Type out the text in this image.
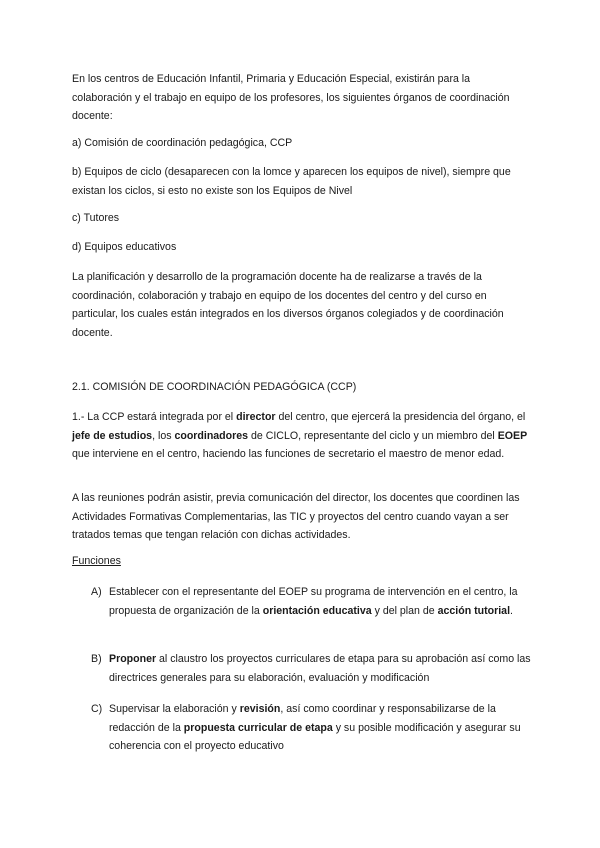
En los centros de Educación Infantil, Primaria y Educación Especial, existirán para la colaboración y el trabajo en equipo de los profesores, los siguientes órganos de coordinación docente:

a) Comisión de coordinación pedagógica, CCP

b) Equipos de ciclo (desaparecen con la lomce y aparecen los equipos de nivel), siempre que existan los ciclos, si esto no existe son los Equipos de Nivel

c) Tutores

d) Equipos educativos

La planificación y desarrollo de la programación docente ha de realizarse a través de la coordinación, colaboración y trabajo en equipo de los docentes del centro y del curso en particular, los cuales están integrados en los diversos órganos colegiados y de coordinación docente.

2.1. COMISIÓN DE COORDINACIÓN PEDAGÓGICA (CCP)

1.- La CCP estará integrada por el director del centro, que ejercerá la presidencia del órgano, el jefe de estudios, los coordinadores de CICLO, representante del ciclo y un miembro del EOEP que interviene en el centro, haciendo las funciones de secretario el maestro de menor edad.

A las reuniones podrán asistir, previa comunicación del director, los docentes que coordinen las Actividades Formativas Complementarias, las TIC y proyectos del centro cuando vayan a ser tratados temas que tengan relación con dichas actividades.

Funciones

A) Establecer con el representante del EOEP su programa de intervención en el centro, la propuesta de organización de la orientación educativa y del plan de acción tutorial.
B) Proponer al claustro los proyectos curriculares de etapa para su aprobación así como las directrices generales para su elaboración, evaluación y modificación
C) Supervisar la elaboración y revisión, así como coordinar y responsabilizarse de la redacción de la propuesta curricular de etapa y su posible modificación y asegurar su coherencia con el proyecto educativo
